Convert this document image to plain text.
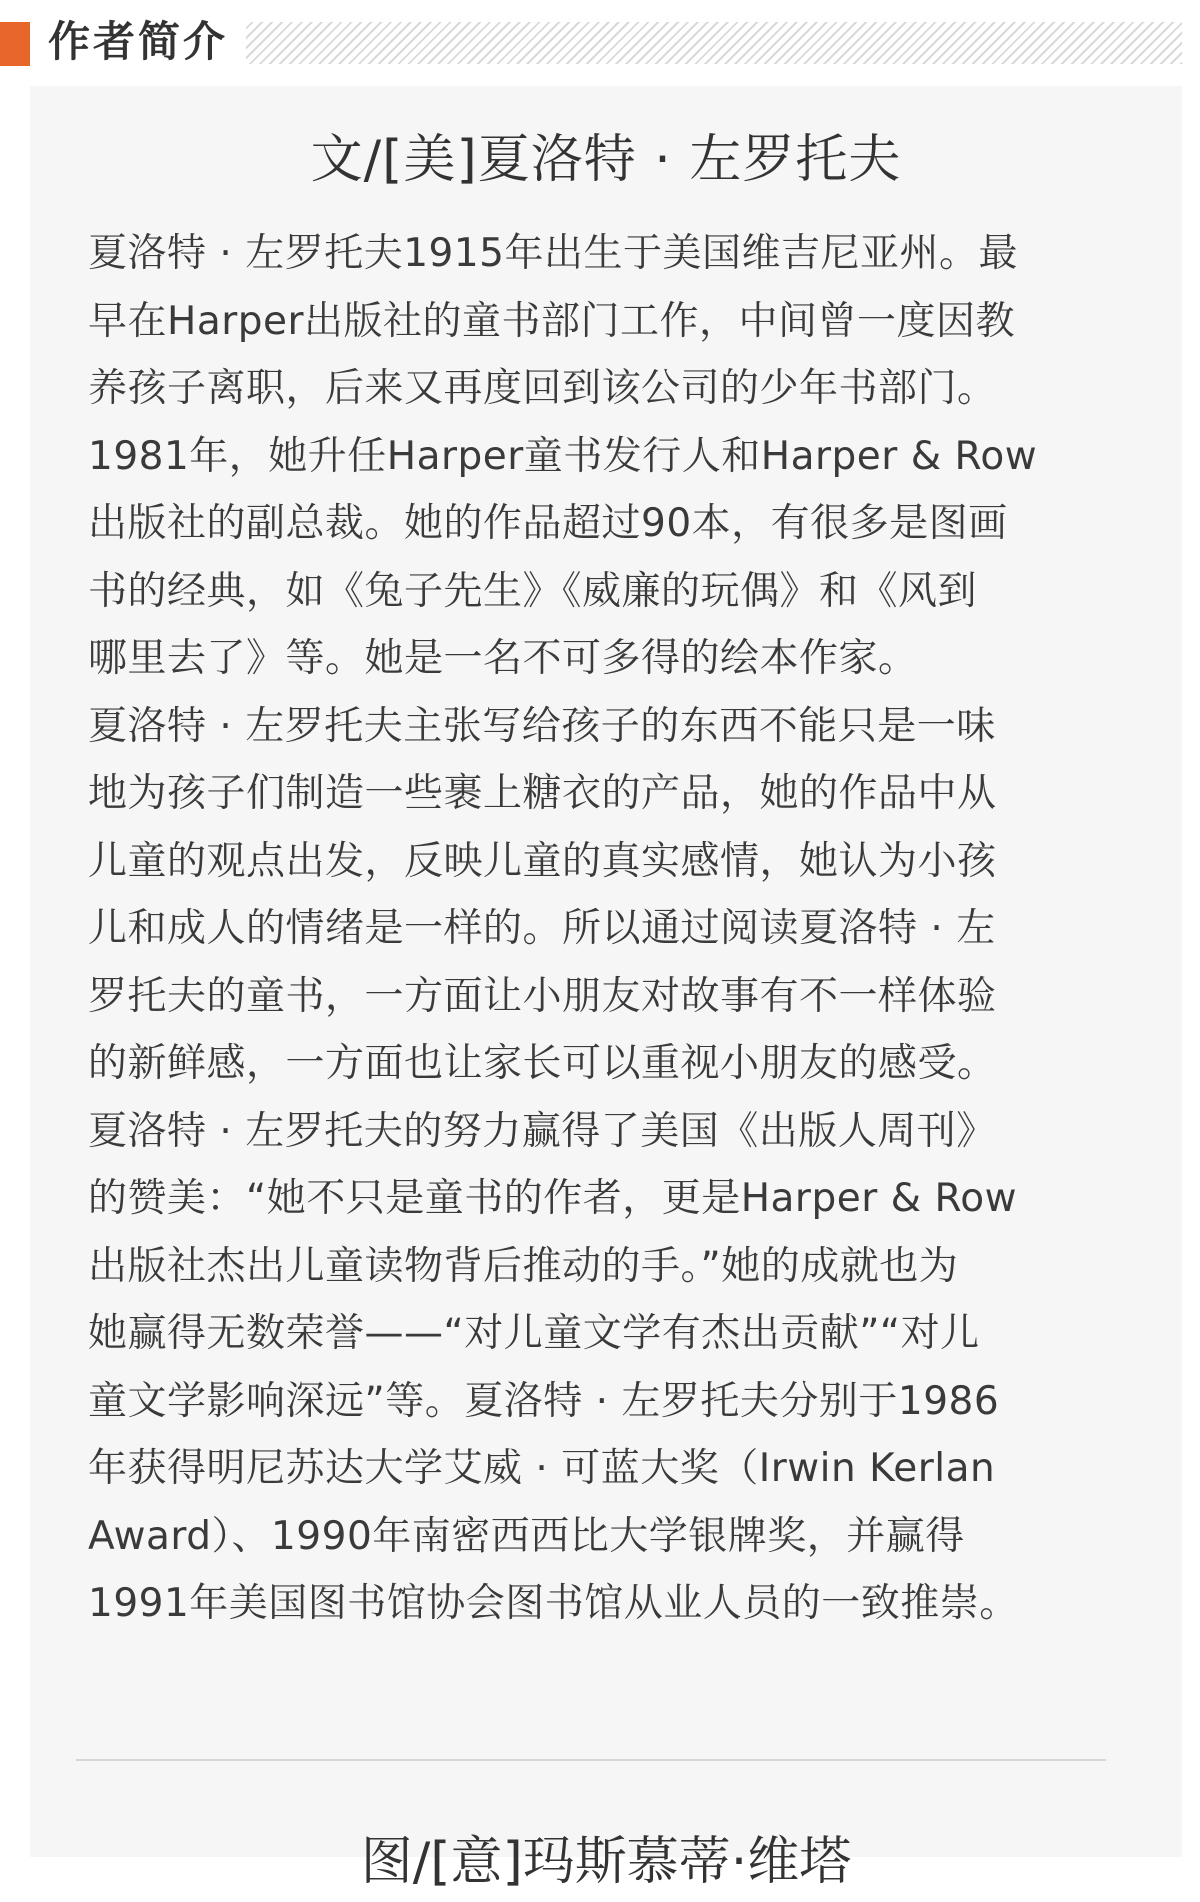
作者简介
文/[美]夏洛特 · 左罗托夫
夏洛特 · 左罗托夫1915年出生于美国维吉尼亚州。最
早在Harper出版社的童书部门工作，中间曾一度因教
养孩子离职，后来又再度回到该公司的少年书部门。
1981年，她升任Harper童书发行人和Harper & Row
出版社的副总裁。她的作品超过90本，有很多是图画
书的经典，如《兔子先生》《威廉的玩偶》和《风到
哪里去了》等。她是一名不可多得的绘本作家。
夏洛特 · 左罗托夫主张写给孩子的东西不能只是一味
地为孩子们制造一些裹上糖衣的产品，她的作品中从
儿童的观点出发，反映儿童的真实感情，她认为小孩
儿和成人的情绪是一样的。所以通过阅读夏洛特 · 左
罗托夫的童书，一方面让小朋友对故事有不一样体验
的新鲜感，一方面也让家长可以重视小朋友的感受。
夏洛特 · 左罗托夫的努力赢得了美国《出版人周刊》
的赞美：“她不只是童书的作者，更是Harper & Row
出版社杰出儿童读物背后推动的手。”她的成就也为
她赢得无数荣誉——“对儿童文学有杰出贡献”“对儿
童文学影响深远”等。夏洛特 · 左罗托夫分别于1986
年获得明尼苏达大学艾威 · 可蓝大奖（Irwin Kerlan
Award）、1990年南密西西比大学银牌奖，并赢得
1991年美国图书馆协会图书馆从业人员的一致推崇。
图/[意]玛斯慕蒂·维塔
